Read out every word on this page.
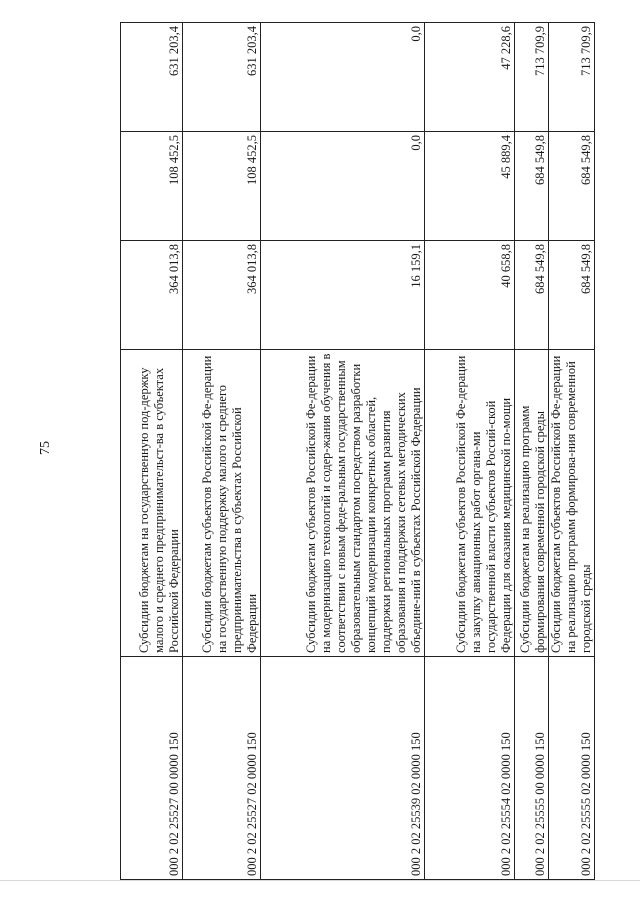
75
000 2 02 25527 00 0000 150	Субсидии бюджетам на государственную под-держку малого и среднего предпринимательст-ва в субъектах Российской Федерации	364 013,8	108 452,5	631 203,4
000 2 02 25527 02 0000 150	Субсидии бюджетам субъектов Российской Фе-дерации на государственную поддержку малого и среднего предпринимательства в субъектах Российской Федерации	364 013,8	108 452,5	631 203,4
000 2 02 25539 02 0000 150	Субсидии бюджетам субъектов Российской Фе-дерации на модернизацию технологий и содер-жания обучения в соответствии с новым феде-ральным государственным образовательным стандартом посредством разработки концепций модернизации конкретных областей, поддержки региональных программ развития образования и поддержки сетевых методических объедине-ний в субъектах Российской Федерации	16 159,1	0,0	0,0
000 2 02 25554 02 0000 150	Субсидии бюджетам субъектов Российской Фе-дерации на закупку авиационных работ органа-ми государственной власти субъектов Россий-ской Федерации для оказания медицинской по-мощи	40 658,8	45 889,4	47 228,6
000 2 02 25555 00 0000 150	Субсидии бюджетам на реализацию программ формирования современной городской среды	684 549,8	684 549,8	713 709,9
000 2 02 25555 02 0000 150	Субсидии бюджетам субъектов Российской Фе-дерации на реализацию программ формирова-ния современной городской среды	684 549,8	684 549,8	713 709,9
